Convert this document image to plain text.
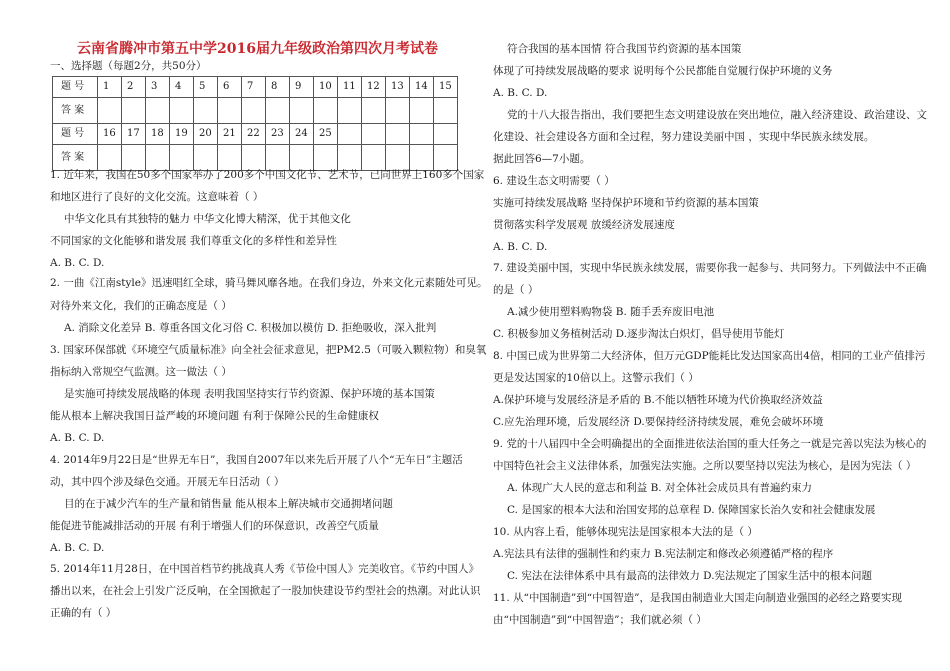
云南省腾冲市第五中学2016届九年级政治第四次月考试卷
一、选择题（每题2分，共50分）
题 号	1	2	3	4	5	6	7	8	9	10	11	12	13	14	15
答 案															
题 号	16	17	18	19	20	21	22	23	24	25					
答 案															
1. 近年来，我国在50多个国家举办了200多个中国文化节、艺术节，已同世界上160多个国家
和地区进行了良好的文化交流。这意味着（ ）
中华文化具有其独特的魅力 中华文化博大精深，优于其他文化
不同国家的文化能够和谐发展 我们尊重文化的多样性和差异性
A. B. C. D.
2. 一曲《江南style》迅速唱红全球，骑马舞风靡各地。在我们身边，外来文化元素随处可见。
对待外来文化，我们的正确态度是（ ）
A. 消除文化差异 B. 尊重各国文化习俗 C. 积极加以模仿 D. 拒绝吸收，深入批判
3. 国家环保部就《环境空气质量标准》向全社会征求意见，把PM2.5（可吸入颗粒物）和臭氧
指标纳入常规空气监测。这一做法（ ）
是实施可持续发展战略的体现 表明我国坚持实行节约资源、保护环境的基本国策
能从根本上解决我国日益严峻的环境问题 有利于保障公民的生命健康权
A. B. C. D.
4. 2014年9月22日是“世界无车日”，我国自2007年以来先后开展了八个“无车日”主题活
动，其中四个涉及绿色交通。开展无车日活动（ ）
目的在于减少汽车的生产量和销售量 能从根本上解决城市交通拥堵问题
能促进节能减排活动的开展 有利于增强人们的环保意识，改善空气质量
A. B. C. D.
5. 2014年11月28日，在中国首档节约挑战真人秀《节俭中国人》完美收官。《节约中国人》
播出以来，在社会上引发广泛反响，在全国掀起了一股加快建设节约型社会的热潮。对此认识
正确的有（ ）
符合我国的基本国情 符合我国节约资源的基本国策
体现了可持续发展战略的要求 说明每个公民都能自觉履行保护环境的义务
A. B. C. D.
党的十八大报告指出，我们要把生态文明建设放在突出地位，融入经济建设、政治建设、文
化建设、社会建设各方面和全过程，努力建设美丽中国 ，实现中华民族永续发展。
据此回答6—7小题。
6. 建设生态文明需要（ ）
实施可持续发展战略 坚持保护环境和节约资源的基本国策
贯彻落实科学发展观 放缓经济发展速度
A. B. C. D.
7. 建设美丽中国，实现中华民族永续发展，需要你我一起参与、共同努力。下列做法中不正确
的是（ ）
A.减少使用塑料购物袋 B. 随手丢弃废旧电池
C. 积极参加义务植树活动 D.逐步淘汰白炽灯，倡导使用节能灯
8. 中国已成为世界第二大经济体，但万元GDP能耗比发达国家高出4倍，相同的工业产值排污
更是发达国家的10倍以上。这警示我们（ ）
A.保护环境与发展经济是矛盾的 B.不能以牺牲环境为代价换取经济效益
C.应先治理环境，后发展经济 D.要保持经济持续发展，难免会破坏环境
9. 党的十八届四中全会明确提出的全面推进依法治国的重大任务之一就是完善以宪法为核心的
中国特色社会主义法律体系，加强宪法实施。之所以要坚持以宪法为核心，是因为宪法（ ）
A. 体现广大人民的意志和利益 B. 对全体社会成员具有普遍约束力
C. 是国家的根本大法和治国安邦的总章程 D. 保障国家长治久安和社会健康发展
10. 从内容上看，能够体现宪法是国家根本大法的是（ ）
A.宪法具有法律的强制性和约束力 B.宪法制定和修改必须遵循严格的程序
C. 宪法在法律体系中具有最高的法律效力 D.宪法规定了国家生活中的根本问题
11. 从“中国制造”到“中国智造”，是我国由制造业大国走向制造业强国的必经之路要实现
由“中国制造”到“中国智造”；我们就必须（ ）
